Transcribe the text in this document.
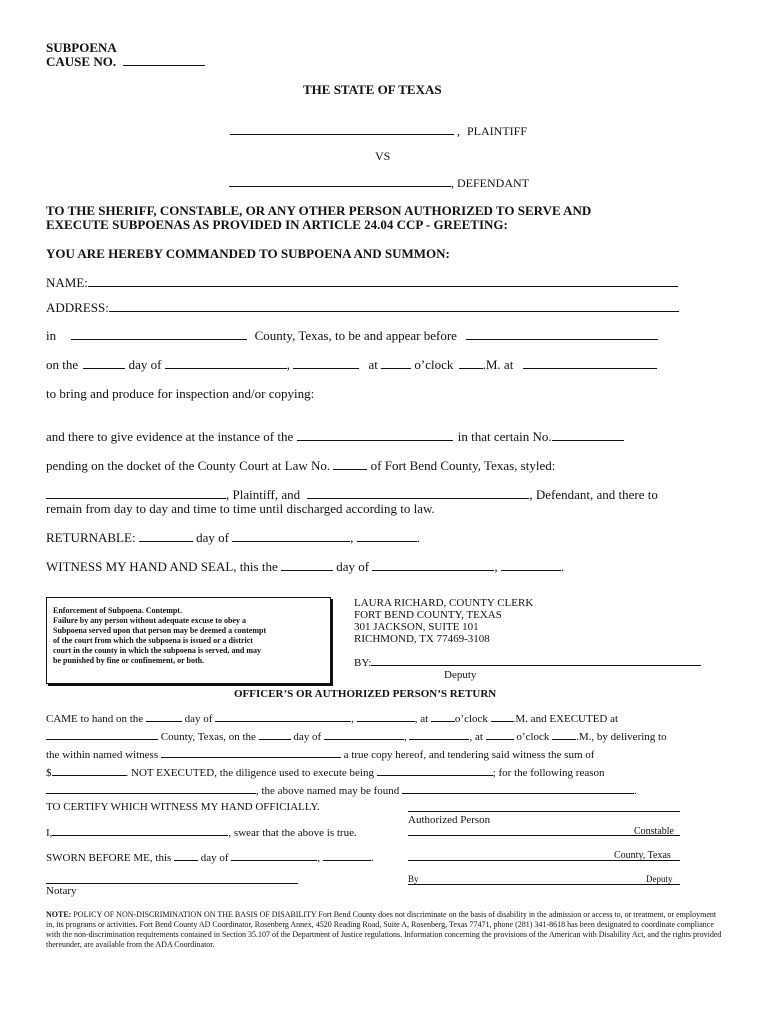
SUBPOENA
CAUSE NO.
THE STATE OF TEXAS
, PLAINTIFF
VS
, DEFENDANT
TO THE SHERIFF, CONSTABLE, OR ANY OTHER PERSON AUTHORIZED TO SERVE AND
EXECUTE SUBPOENAS AS PROVIDED IN ARTICLE 24.04 CCP - GREETING:
YOU ARE HEREBY COMMANDED TO SUBPOENA AND SUMMON:
NAME:
ADDRESS:
in	County, Texas, to be and appear before
on the	day of	,	at	o’clock .M. at
to bring and produce for inspection and/or copying:
and there to give evidence at the instance of the	in that certain No.
pending on the docket of the County Court at Law No.	of Fort Bend County, Texas, styled:
, Plaintiff, and	, Defendant, and there to
remain from day to day and time to time until discharged according to law.
RETURNABLE:	day of	,	.
WITNESS MY HAND AND SEAL, this the	day of	,	.
Enforcement of Subpoena. Contempt.
Failure by any person without adequate excuse to obey a
Subpoena served upon that person may be deemed a contempt
of the court from which the subpoena is issued or a district
court in the county in which the subpoena is served, and may
be punished by fine or confinement, or both.
LAURA RICHARD, COUNTY CLERK
FORT BEND COUNTY, TEXAS
301 JACKSON, SUITE 101
RICHMOND, TX 77469-3108
BY:
Deputy
OFFICER’S OR AUTHORIZED PERSON’S RETURN
CAME to hand on the	day of	,	, at o’clock .M. and EXECUTED at
County, Texas, on the	day of	,	, at	o’clock .M., by delivering to
the within named witness	a true copy hereof, and tendering said witness the sum of
$	. NOT EXECUTED, the diligence used to execute being	; for the following reason
, the above named may be found	.
TO CERTIFY WHICH WITNESS MY HAND OFFICIALLY.
Authorized Person
I,	, swear that the above is true.	Constable
SWORN BEFORE ME, this	day of	,	.	County, Texas
Notary
By	Deputy
NOTE: POLICY OF NON-DISCRIMINATION ON THE BASIS OF DISABILITY Fort Bend County does not discriminate on the basis of disability in the admission or access to, or treatment, or employment in, its programs or activities. Fort Bend County AD Coordinator, Rosenberg Annex, 4520 Reading Road, Suite A, Rosenberg, Texas 77471, phone (281) 341-8618 has been designated to coordinate compliance with the non-discrimination requirements contained in Section 35.107 of the Department of Justice regulations. Information concerning the provisions of the American with Disability Act, and the rights provided thereunder, are available from the ADA Coordinator.
